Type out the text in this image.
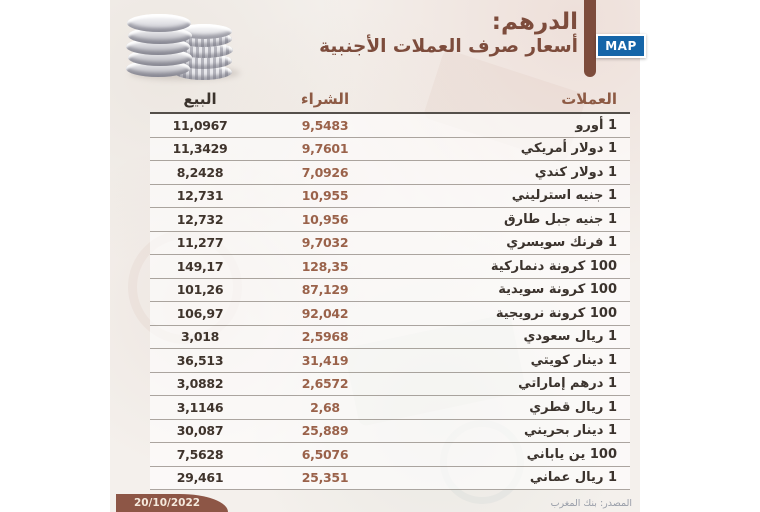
الدرهم:
أسعار صرف العملات الأجنبية	MAP
البيع	الشراء	العملات
11,0967	9,5483	1 أورو
11,3429	9,7601	1 دولار أمريكي
8,2428	7,0926	1 دولار كندي
12,731	10,955	1 جنيه استرليني
12,732	10,956	1 جنيه جبل طارق
11,277	9,7032	1 فرنك سويسري
149,17	128,35	100 كرونة دنماركية
101,26	87,129	100 كرونة سويدية
106,97	92,042	100 كرونة نرويجية
3,018	2,5968	1 ريال سعودي
36,513	31,419	1 دينار كويتي
3,0882	2,6572	1 درهم إماراتي
3,1146	2,68	1 ريال قطري
30,087	25,889	1 دينار بحريني
7,5628	6,5076	100 ين ياباني
29,461	25,351	1 ريال عماني
20/10/2022	المصدر: بنك المغرب
